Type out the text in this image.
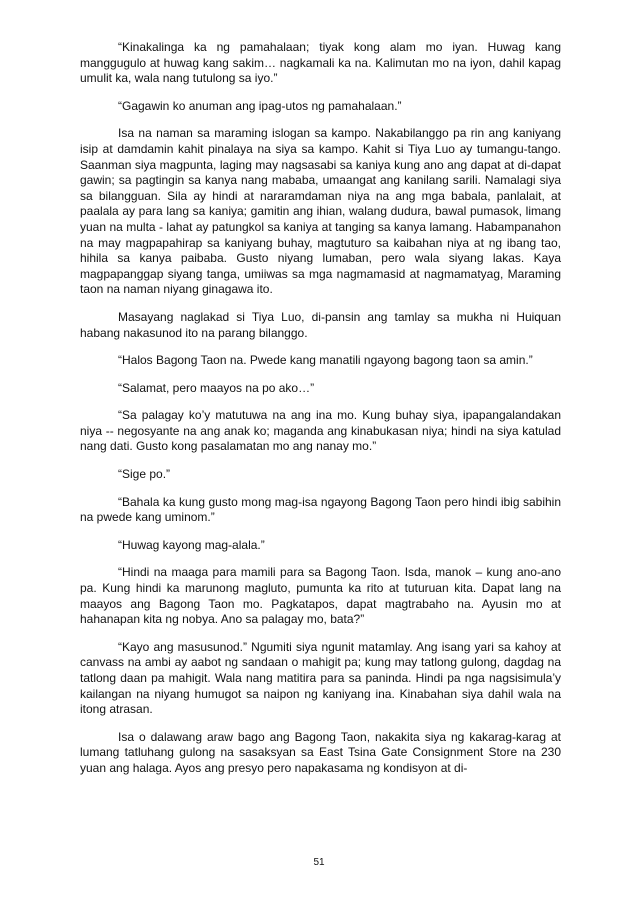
“Kinakalinga ka ng pamahalaan; tiyak kong alam mo iyan. Huwag kang manggugulo at huwag kang sakim… nagkamali ka na. Kalimutan mo na iyon, dahil kapag umulit ka, wala nang tutulong sa iyo.”

“Gagawin ko anuman ang ipag-utos ng pamahalaan.”

Isa na naman sa maraming islogan sa kampo. Nakabilanggo pa rin ang kaniyang isip at damdamin kahit pinalaya na siya sa kampo. Kahit si Tiya Luo ay tumangu-tango. Saanman siya magpunta, laging may nagsasabi sa kaniya kung ano ang dapat at di-dapat gawin; sa pagtingin sa kanya nang mababa, umaangat ang kanilang sarili. Namalagi siya sa bilangguan. Sila ay hindi at nararamdaman niya na ang mga babala, panlalait, at paalala ay para lang sa kaniya; gamitin ang ihian, walang dudura, bawal pumasok, limang yuan na multa - lahat ay patungkol sa kaniya at tanging sa kanya lamang. Habampanahon na may magpapahirap sa kaniyang buhay, magtuturo sa kaibahan niya at ng ibang tao, hihila sa kanya paibaba. Gusto niyang lumaban, pero wala siyang lakas. Kaya magpapanggap siyang tanga, umiiwas sa mga nagmamasid at nagmamatyag, Maraming taon na naman niyang ginagawa ito.

Masayang naglakad si Tiya Luo, di-pansin ang tamlay sa mukha ni Huiquan habang nakasunod ito na parang bilanggo.

“Halos Bagong Taon na. Pwede kang manatili ngayong bagong taon sa amin.”

“Salamat, pero maayos na po ako…”

“Sa palagay ko’y matutuwa na ang ina mo. Kung buhay siya, ipapangalandakan niya -- negosyante na ang anak ko; maganda ang kinabukasan niya; hindi na siya katulad nang dati. Gusto kong pasalamatan mo ang nanay mo.”

“Sige po.”

“Bahala ka kung gusto mong mag-isa ngayong Bagong Taon pero hindi ibig sabihin na pwede kang uminom.”

“Huwag kayong mag-alala.”

“Hindi na maaga para mamili para sa Bagong Taon. Isda, manok – kung ano-ano pa. Kung hindi ka marunong magluto, pumunta ka rito at tuturuan kita. Dapat lang na maayos ang Bagong Taon mo. Pagkatapos, dapat magtrabaho na. Ayusin mo at hahanapan kita ng nobya. Ano sa palagay mo, bata?”

“Kayo ang masusunod.” Ngumiti siya ngunit matamlay. Ang isang yari sa kahoy at canvass na ambi ay aabot ng sandaan o mahigit pa; kung may tatlong gulong, dagdag na tatlong daan pa mahigit. Wala nang matitira para sa paninda. Hindi pa nga nagsisimula’y kailangan na niyang humugot sa naipon ng kaniyang ina. Kinabahan siya dahil wala na itong atrasan.

Isa o dalawang araw bago ang Bagong Taon, nakakita siya ng kakarag-karag at lumang tatluhang gulong na sasaksyan sa East Tsina Gate Consignment Store na 230 yuan ang halaga. Ayos ang presyo pero napakasama ng kondisyon at di-

51
